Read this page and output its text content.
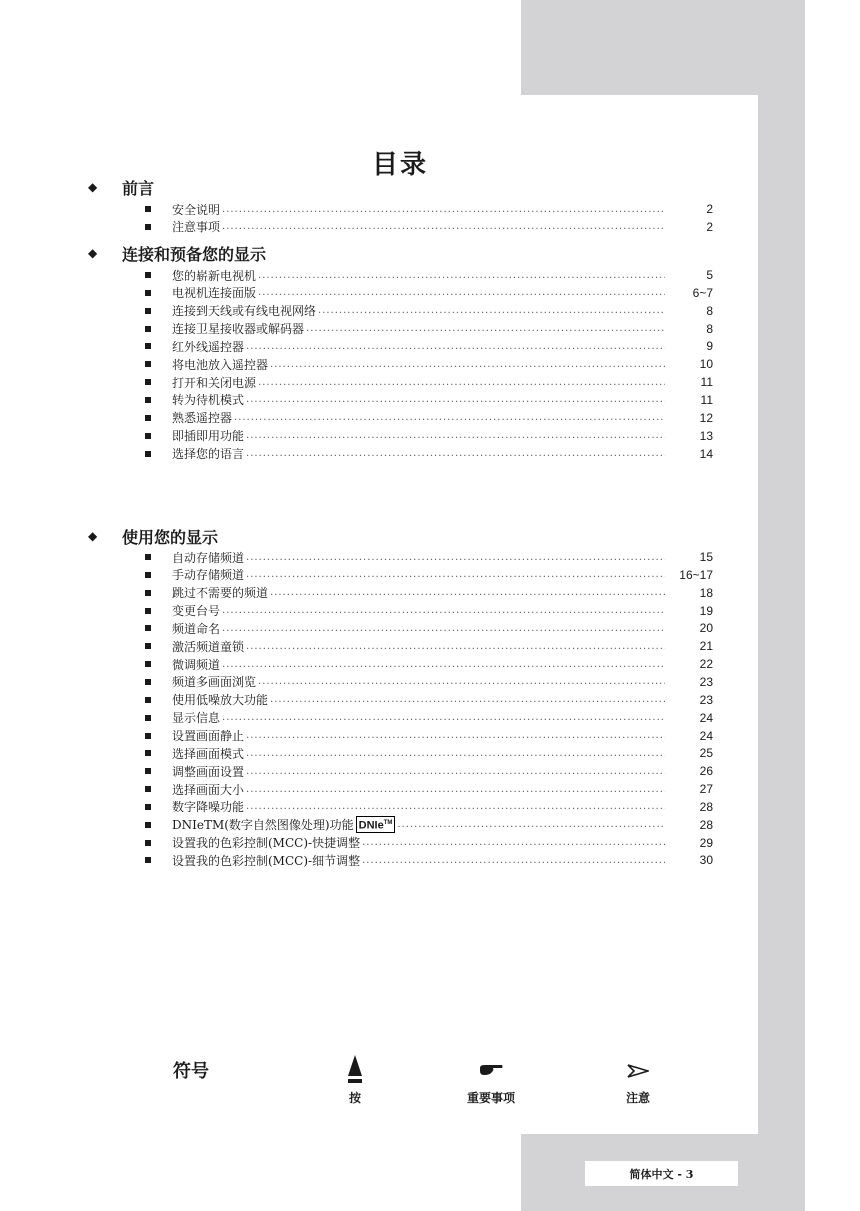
目录
◆ 前言
安全说明 .....	2
注意事项 .....	2
◆ 连接和预备您的显示
您的崭新电视机 .....	5
电视机连接面版 .....	6~7
连接到天线或有线电视网络 .....	8
连接卫星接收器或解码器 .....	8
红外线遥控器 .....	9
将电池放入遥控器 .....	10
打开和关闭电源 .....	11
转为待机模式 .....	11
熟悉遥控器 .....	12
即插即用功能 .....	13
选择您的语言 .....	14
◆ 使用您的显示
自动存储频道 .....	15
手动存储频道 .....	16~17
跳过不需要的频道 .....	18
变更台号 .....	19
频道命名 .....	20
激活频道童锁 .....	21
微调频道 .....	22
频道多画面浏览 .....	23
使用低噪放大功能 .....	23
显示信息 .....	24
设置画面静止 .....	24
选择画面模式 .....	25
调整画面设置 .....	26
选择画面大小 .....	27
数字降噪功能 .....	28
DNIeTM(数字自然图像处理)功能 DNIe™ .....	28
设置我的色彩控制(MCC)-快捷调整 .....	29
设置我的色彩控制(MCC)-细节调整 .....	30
符号
按	重要事项	注意
简体中文 - 3
